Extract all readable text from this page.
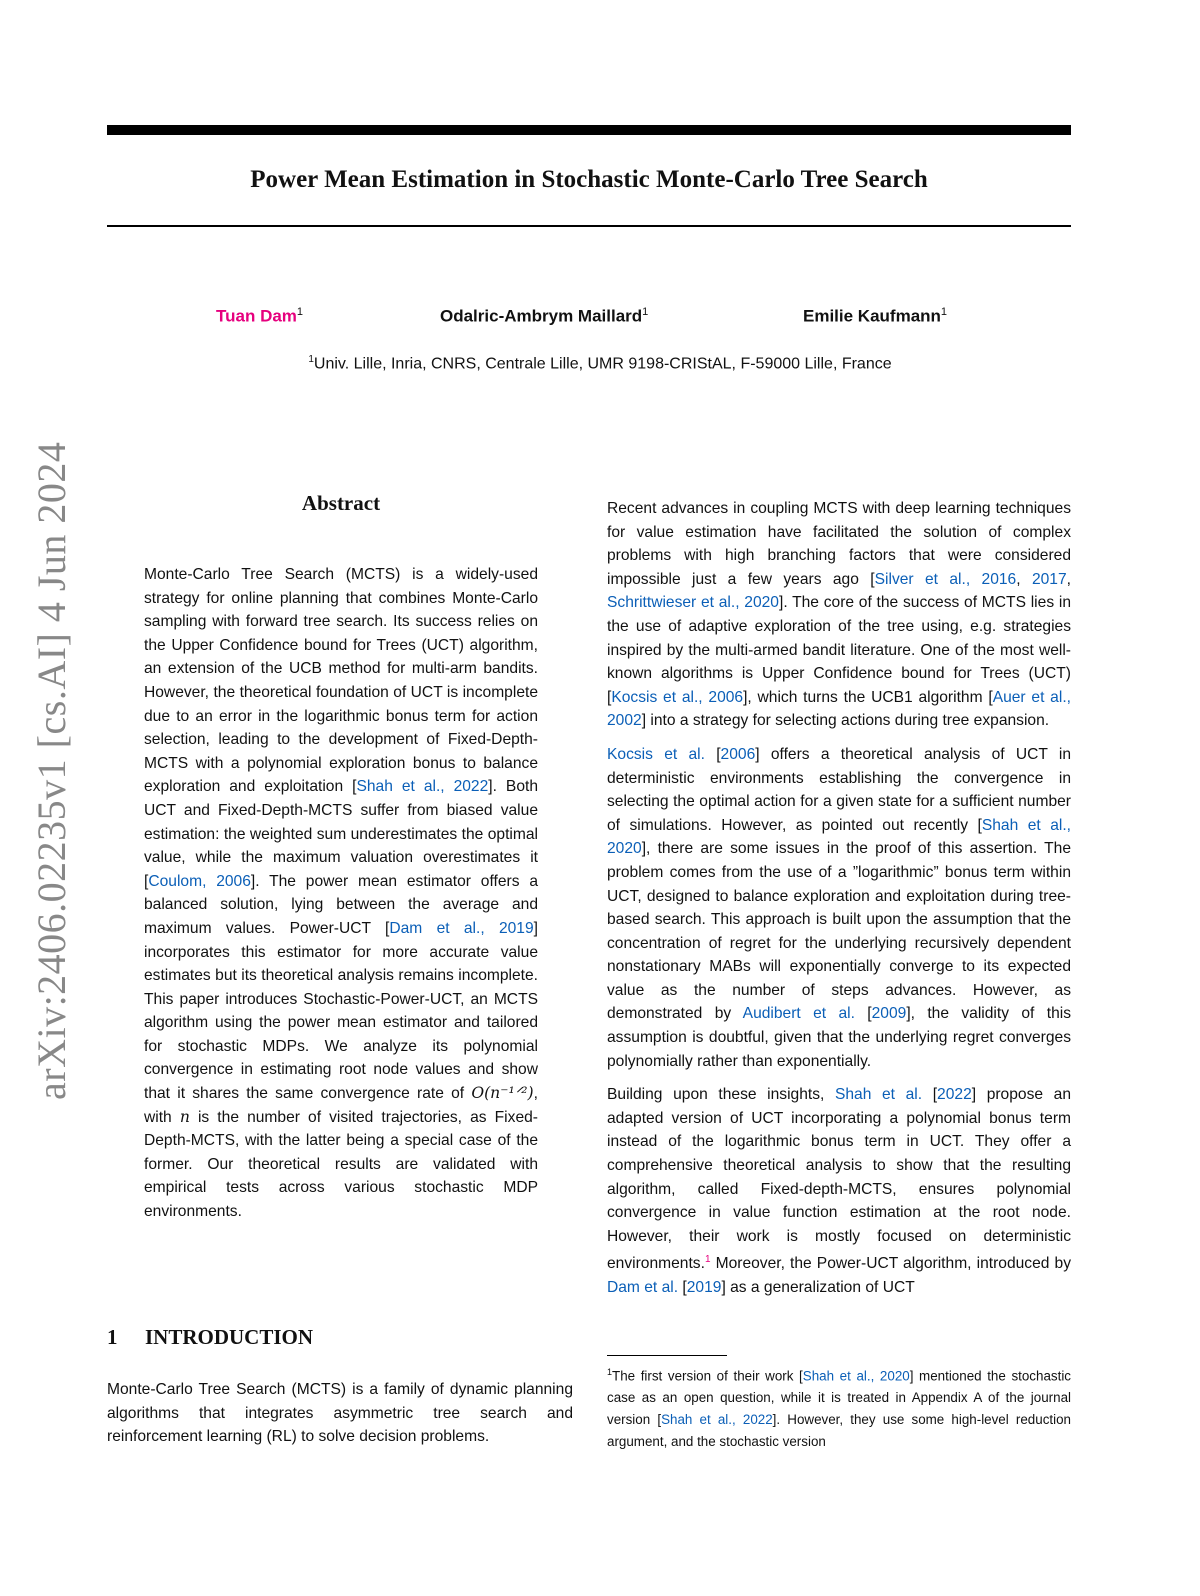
Power Mean Estimation in Stochastic Monte-Carlo Tree Search
Tuan Dam$^1$	Odalric-Ambrym Maillard$^1$	Emilie Kaufmann$^1$
$^1$Univ. Lille, Inria, CNRS, Centrale Lille, UMR 9198-CRIStAL, F-59000 Lille, France
arXiv:2406.02235v1 [cs.AI] 4 Jun 2024	Abstract

Monte-Carlo Tree Search (MCTS) is a widely-used strategy for online planning that combines Monte-Carlo sampling with forward tree search. Its success relies on the Upper Confidence bound for Trees (UCT) algorithm, an extension of the UCB method for multi-arm bandits. However, the theoretical foundation of UCT is incomplete due to an error in the logarithmic bonus term for action selection, leading to the development of Fixed-Depth-MCTS with a polynomial exploration bonus to balance exploration and exploitation [Shah et al., 2022]. Both UCT and Fixed-Depth-MCTS suffer from biased value estimation: the weighted sum underestimates the optimal value, while the maximum valuation overestimates it [Coulom, 2006]. The power mean estimator offers a balanced solution, lying between the average and maximum values. Power-UCT [Dam et al., 2019] incorporates this estimator for more accurate value estimates but its theoretical analysis remains incomplete. This paper introduces Stochastic-Power-UCT, an MCTS algorithm using the power mean estimator and tailored for stochastic MDPs. We analyze its polynomial convergence in estimating root node values and show that it shares the same convergence rate of O(n⁻¹ᐟ²), with n is the number of visited trajectories, as Fixed-Depth-MCTS, with the latter being a special case of the former. Our theoretical results are validated with empirical tests across various stochastic MDP environments.

1 INTRODUCTION

Monte-Carlo Tree Search (MCTS) is a family of dynamic planning algorithms that integrates asymmetric tree search and reinforcement learning (RL) to solve decision problems.

Recent advances in coupling MCTS with deep learning techniques for value estimation have facilitated the solution of complex problems with high branching factors that were considered impossible just a few years ago [Silver et al., 2016, 2017, Schrittwieser et al., 2020]. The core of the success of MCTS lies in the use of adaptive exploration of the tree using, e.g. strategies inspired by the multi-armed bandit literature. One of the most well-known algorithms is Upper Confidence bound for Trees (UCT) [Kocsis et al., 2006], which turns the UCB1 algorithm [Auer et al., 2002] into a strategy for selecting actions during tree expansion.

Kocsis et al. [2006] offers a theoretical analysis of UCT in deterministic environments establishing the convergence in selecting the optimal action for a given state for a sufficient number of simulations. However, as pointed out recently [Shah et al., 2020], there are some issues in the proof of this assertion. The problem comes from the use of a ”logarithmic” bonus term within UCT, designed to balance exploration and exploitation during tree-based search. This approach is built upon the assumption that the concentration of regret for the underlying recursively dependent nonstationary MABs will exponentially converge to its expected value as the number of steps advances. However, as demonstrated by Audibert et al. [2009], the validity of this assumption is doubtful, given that the underlying regret converges polynomially rather than exponentially.

Building upon these insights, Shah et al. [2022] propose an adapted version of UCT incorporating a polynomial bonus term instead of the logarithmic bonus term in UCT. They offer a comprehensive theoretical analysis to show that the resulting algorithm, called Fixed-depth-MCTS, ensures polynomial convergence in value function estimation at the root node. However, their work is mostly focused on deterministic environments.$^1$ Moreover, the Power-UCT algorithm, introduced by Dam et al. [2019] as a generalization of UCT

$^1$The first version of their work [Shah et al., 2020] mentioned the stochastic case as an open question, while it is treated in Appendix A of the journal version [Shah et al., 2022]. However, they use some high-level reduction argument, and the stochastic version
